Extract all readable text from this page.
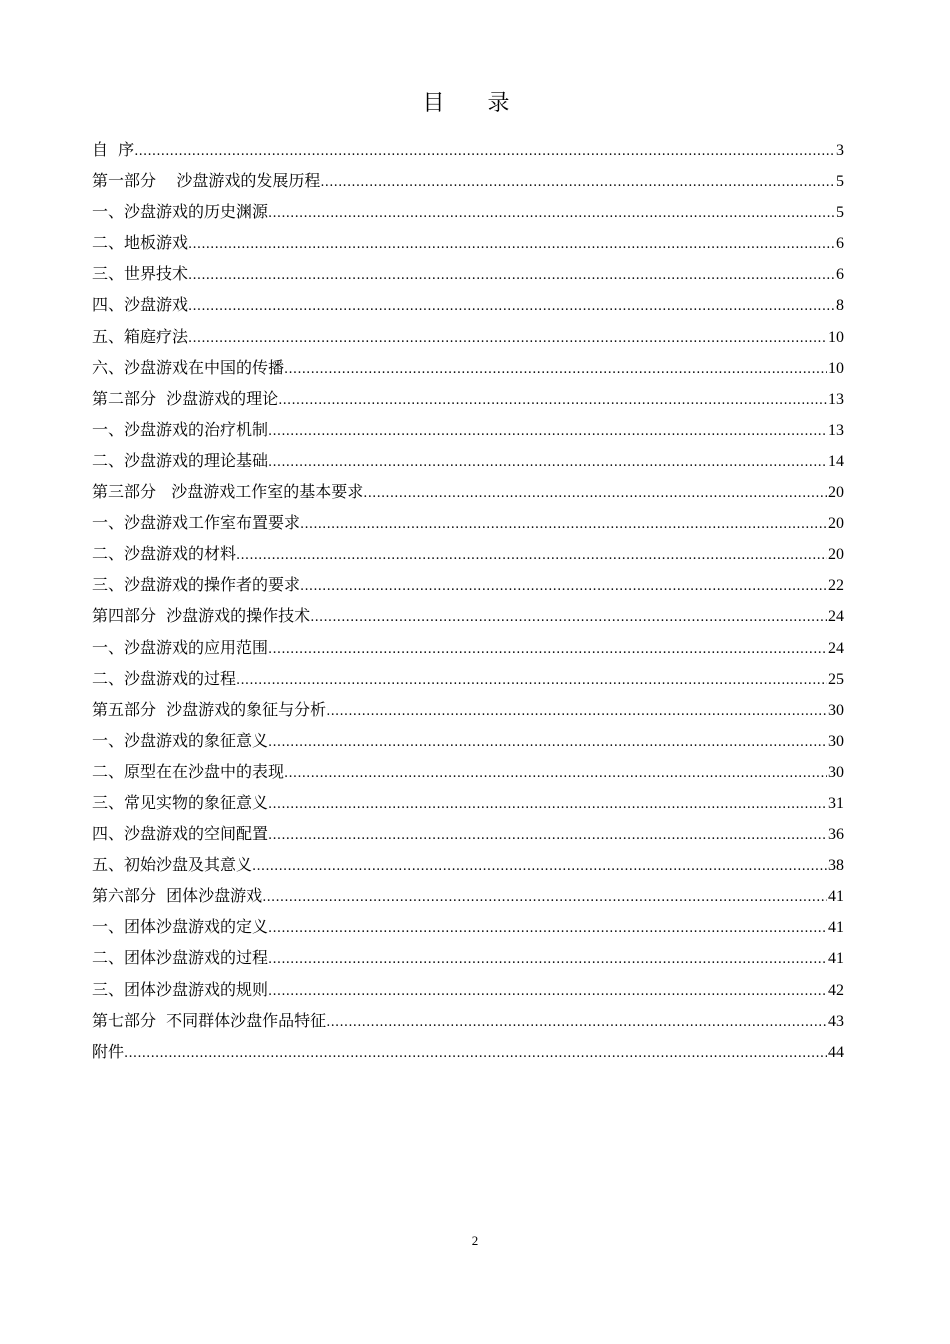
目 录
自  序 .....	3
第一部分    沙盘游戏的发展历程 .....	5
一、沙盘游戏的历史渊源 .....	5
二、地板游戏 .....	6
三、世界技术 .....	6
四、沙盘游戏 .....	8
五、箱庭疗法 .....	10
六、沙盘游戏在中国的传播 .....	10
第二部分  沙盘游戏的理论 .....	13
一、沙盘游戏的治疗机制 .....	13
二、沙盘游戏的理论基础 .....	14
第三部分   沙盘游戏工作室的基本要求 .....	20
一、沙盘游戏工作室布置要求 .....	20
二、沙盘游戏的材料 .....	20
三、沙盘游戏的操作者的要求 .....	22
第四部分  沙盘游戏的操作技术 .....	24
一、沙盘游戏的应用范围 .....	24
二、沙盘游戏的过程 .....	25
第五部分  沙盘游戏的象征与分析 .....	30
一、沙盘游戏的象征意义 .....	30
二、原型在在沙盘中的表现 .....	30
三、常见实物的象征意义 .....	31
四、沙盘游戏的空间配置 .....	36
五、初始沙盘及其意义 .....	38
第六部分  团体沙盘游戏 .....	41
一、团体沙盘游戏的定义 .....	41
二、团体沙盘游戏的过程 .....	41
三、团体沙盘游戏的规则 .....	42
第七部分  不同群体沙盘作品特征 .....	43
附件 .....	44
2
